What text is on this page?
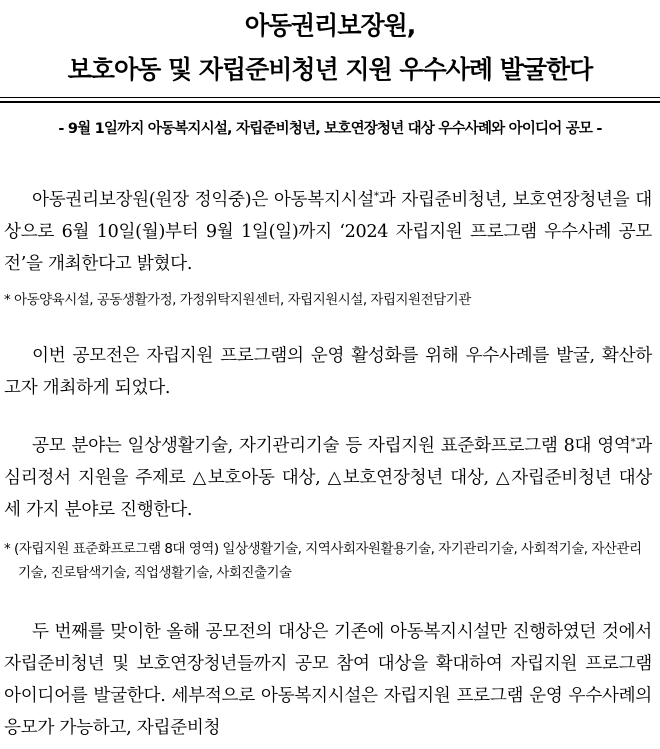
아동권리보장원,
보호아동 및 자립준비청년 지원 우수사례 발굴한다
- 9월 1일까지 아동복지시설, 자립준비청년, 보호연장청년 대상 우수사례와 아이디어 공모 -

아동권리보장원(원장 정익중)은 아동복지시설*과 자립준비청년, 보호연장청년을 대상으로 6월 10일(월)부터 9월 1일(일)까지 ‘2024 자립지원 프로그램 우수사례 공모전’을 개최한다고 밝혔다.

* 아동양육시설, 공동생활가정, 가정위탁지원센터, 자립지원시설, 자립지원전담기관

이번 공모전은 자립지원 프로그램의 운영 활성화를 위해 우수사례를 발굴, 확산하고자 개최하게 되었다.

공모 분야는 일상생활기술, 자기관리기술 등 자립지원 표준화프로그램 8대 영역*과 심리정서 지원을 주제로 △보호아동 대상, △보호연장청년 대상, △자립준비청년 대상 세 가지 분야로 진행한다.

* (자립지원 표준화프로그램 8대 영역) 일상생활기술, 지역사회자원활용기술, 자기관리기술, 사회적기술, 자산관리기술, 진로탐색기술, 직업생활기술, 사회진출기술

두 번째를 맞이한 올해 공모전의 대상은 기존에 아동복지시설만 진행하였던 것에서 자립준비청년 및 보호연장청년들까지 공모 참여 대상을 확대하여 자립지원 프로그램 아이디어를 발굴한다. 세부적으로 아동복지시설은 자립지원 프로그램 운영 우수사례의 응모가 가능하고, 자립준비청
